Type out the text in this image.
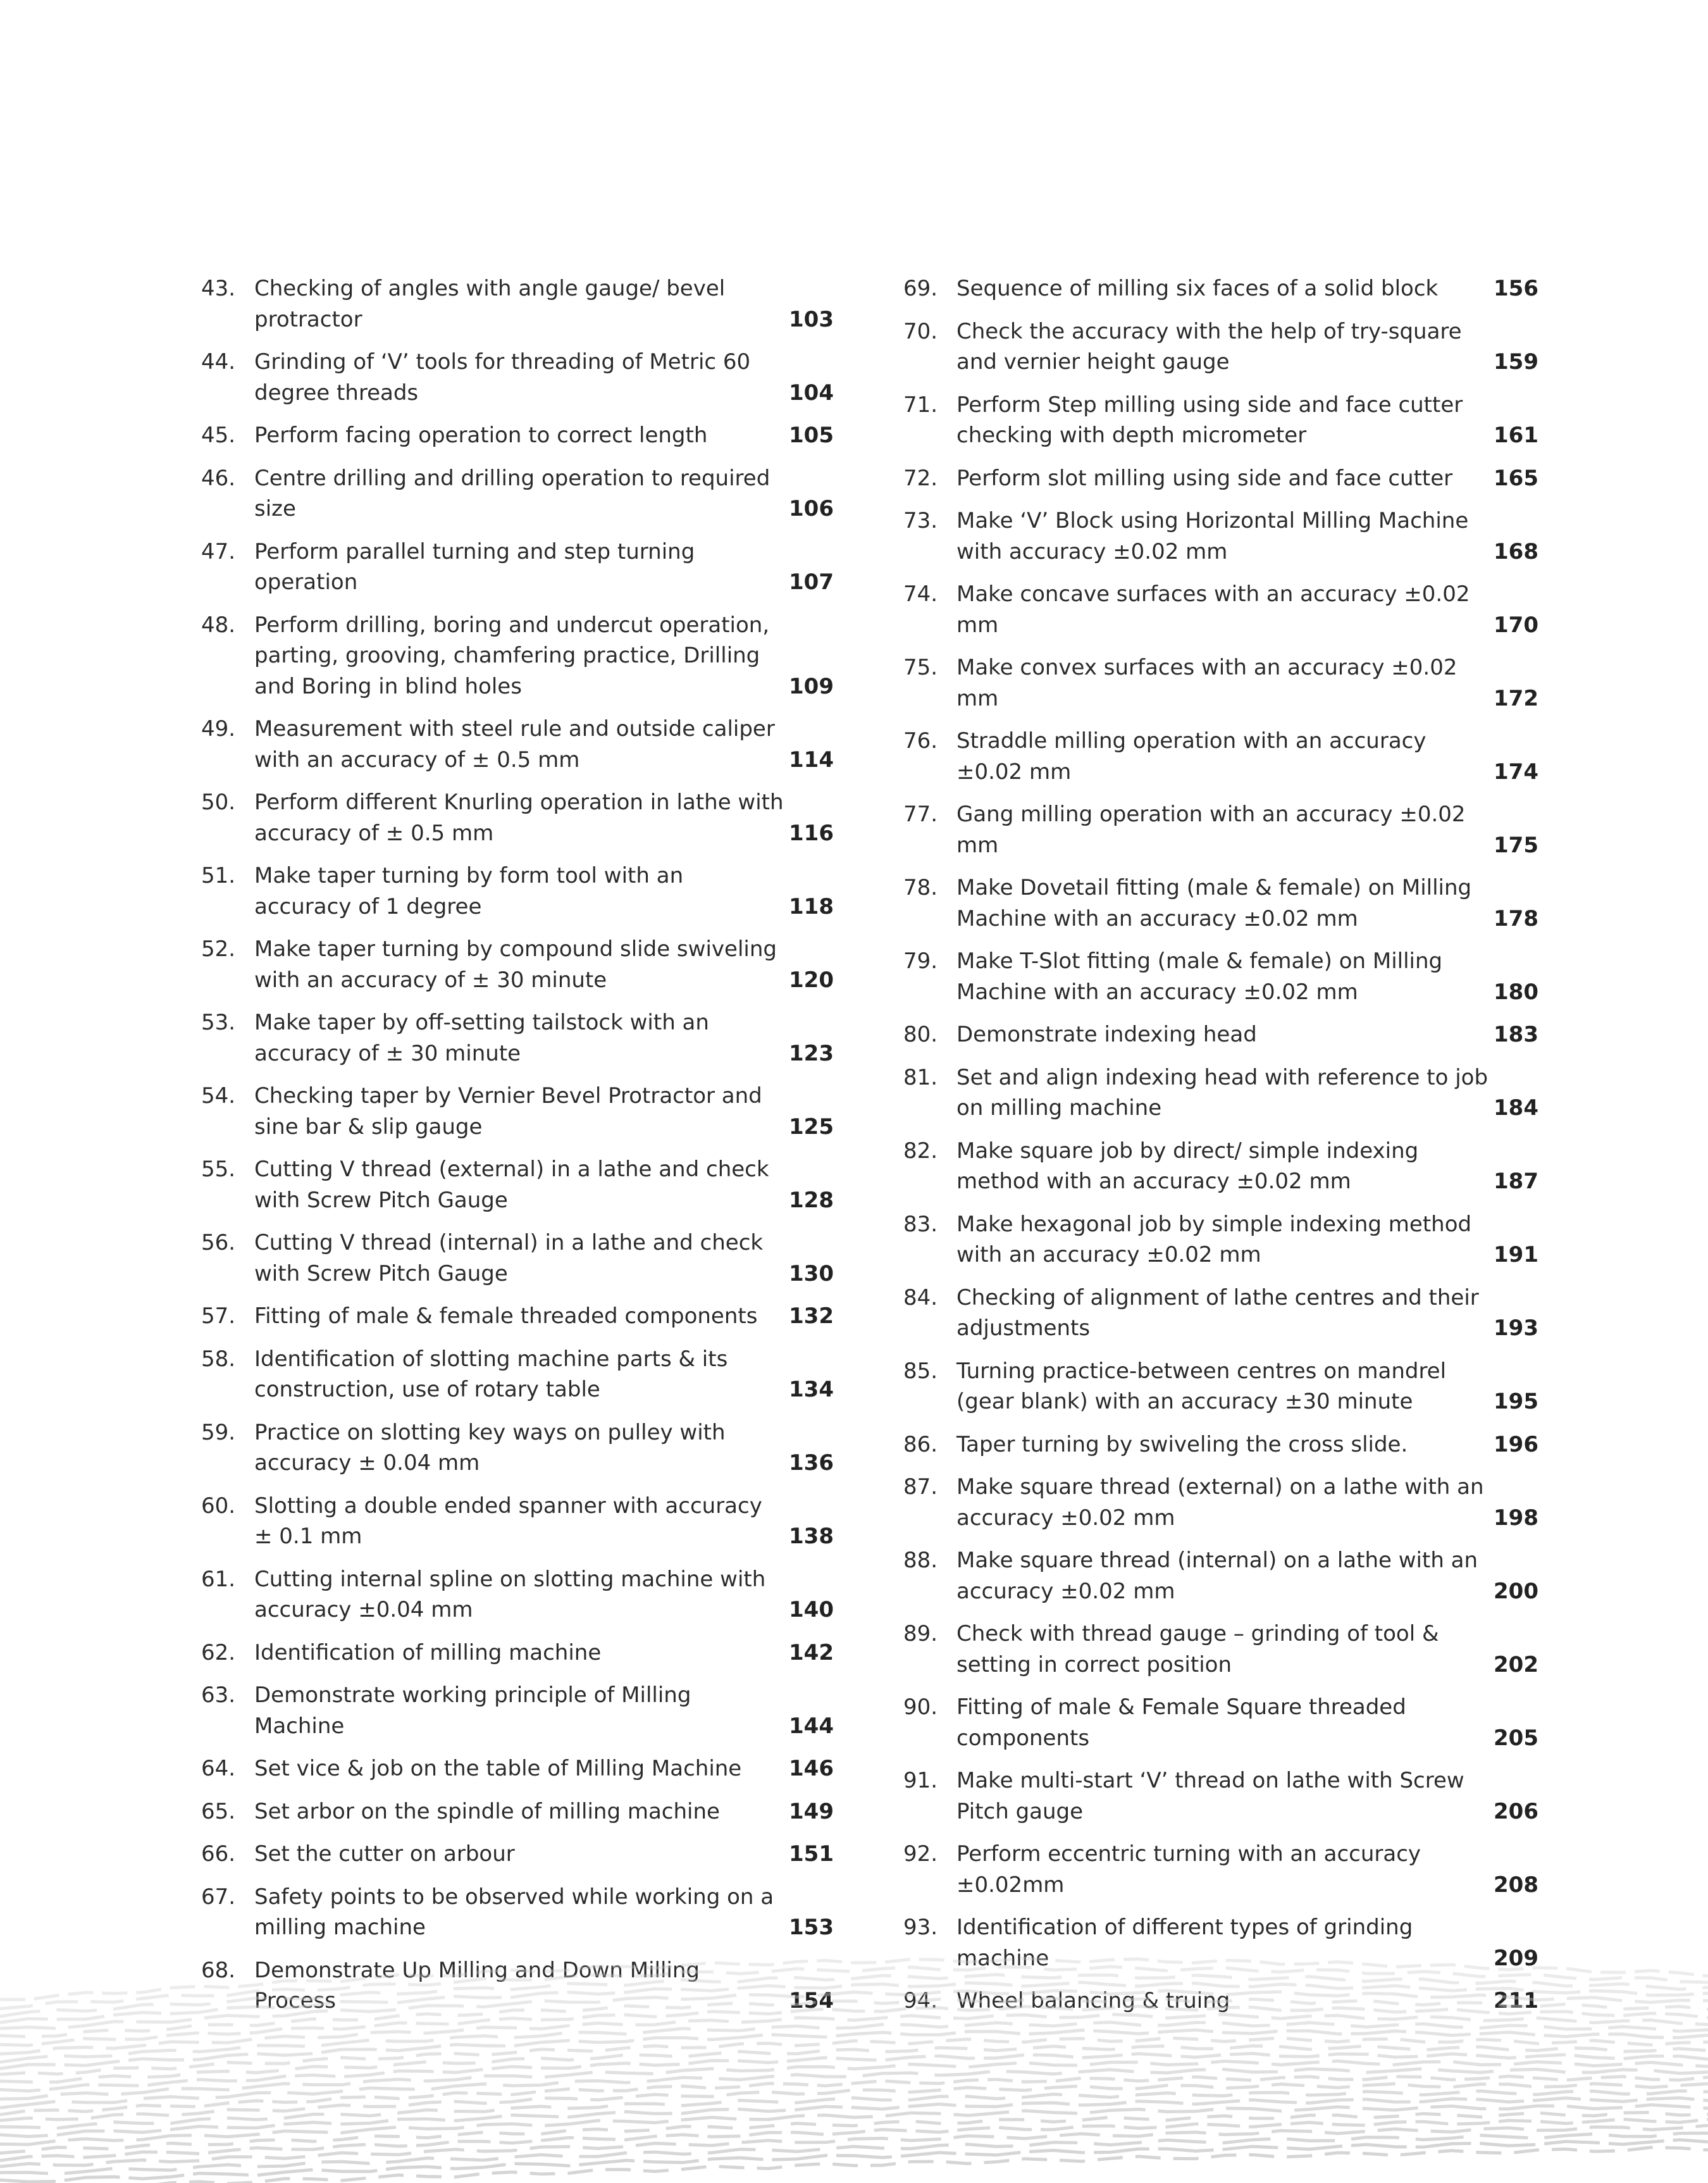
43. Checking of angles with angle gauge/ bevel protractor	103
44. Grinding of ‘V’ tools for threading of Metric 60 degree threads	104
45. Perform facing operation to correct length	105
46. Centre drilling and drilling operation to required size	106
47. Perform parallel turning and step turning operation	107
48. Perform drilling, boring and undercut operation, parting, grooving, chamfering practice, Drilling and Boring in blind holes	109
49. Measurement with steel rule and outside caliper with an accuracy of ± 0.5 mm	114
50. Perform different Knurling operation in lathe with accuracy of ± 0.5 mm	116
51. Make taper turning by form tool with an accuracy of 1 degree	118
52. Make taper turning by compound slide swiveling with an accuracy of ± 30 minute	120
53. Make taper by off-setting tailstock with an accuracy of ± 30 minute	123
54. Checking taper by Vernier Bevel Protractor and sine bar & slip gauge	125
55. Cutting V thread (external) in a lathe and check with Screw Pitch Gauge	128
56. Cutting V thread (internal) in a lathe and check with Screw Pitch Gauge	130
57. Fitting of male & female threaded components	132
58. Identification of slotting machine parts & its construction, use of rotary table	134
59. Practice on slotting key ways on pulley with accuracy ± 0.04 mm	136
60. Slotting a double ended spanner with accuracy ± 0.1 mm	138
61. Cutting internal spline on slotting machine with accuracy ±0.04 mm	140
62. Identification of milling machine	142
63. Demonstrate working principle of Milling Machine	144
64. Set vice & job on the table of Milling Machine	146
65. Set arbor on the spindle of milling machine	149
66. Set the cutter on arbour	151
67. Safety points to be observed while working on a milling machine	153
68. Demonstrate Up Milling and Down Milling Process	154
69. Sequence of milling six faces of a solid block	156
70. Check the accuracy with the help of try-square and vernier height gauge	159
71. Perform Step milling using side and face cutter checking with depth micrometer	161
72. Perform slot milling using side and face cutter	165
73. Make ‘V’ Block using Horizontal Milling Machine with accuracy ±0.02 mm	168
74. Make concave surfaces with an accuracy ±0.02 mm	170
75. Make convex surfaces with an accuracy ±0.02 mm	172
76. Straddle milling operation with an accuracy ±0.02 mm	174
77. Gang milling operation with an accuracy ±0.02 mm	175
78. Make Dovetail fitting (male & female) on Milling Machine with an accuracy ±0.02 mm	178
79. Make T-Slot fitting (male & female) on Milling Machine with an accuracy ±0.02 mm	180
80. Demonstrate indexing head	183
81. Set and align indexing head with reference to job on milling machine	184
82. Make square job by direct/ simple indexing method with an accuracy ±0.02 mm	187
83. Make hexagonal job by simple indexing method with an accuracy ±0.02 mm	191
84. Checking of alignment of lathe centres and their adjustments	193
85. Turning practice-between centres on mandrel (gear blank) with an accuracy ±30 minute	195
86. Taper turning by swiveling the cross slide.	196
87. Make square thread (external) on a lathe with an accuracy ±0.02 mm	198
88. Make square thread (internal) on a lathe with an accuracy ±0.02 mm	200
89. Check with thread gauge – grinding of tool & setting in correct position	202
90. Fitting of male & Female Square threaded components	205
91. Make multi-start ‘V’ thread on lathe with Screw Pitch gauge	206
92. Perform eccentric turning with an accuracy ±0.02mm	208
93. Identification of different types of grinding machine	209
94. Wheel balancing & truing	211
